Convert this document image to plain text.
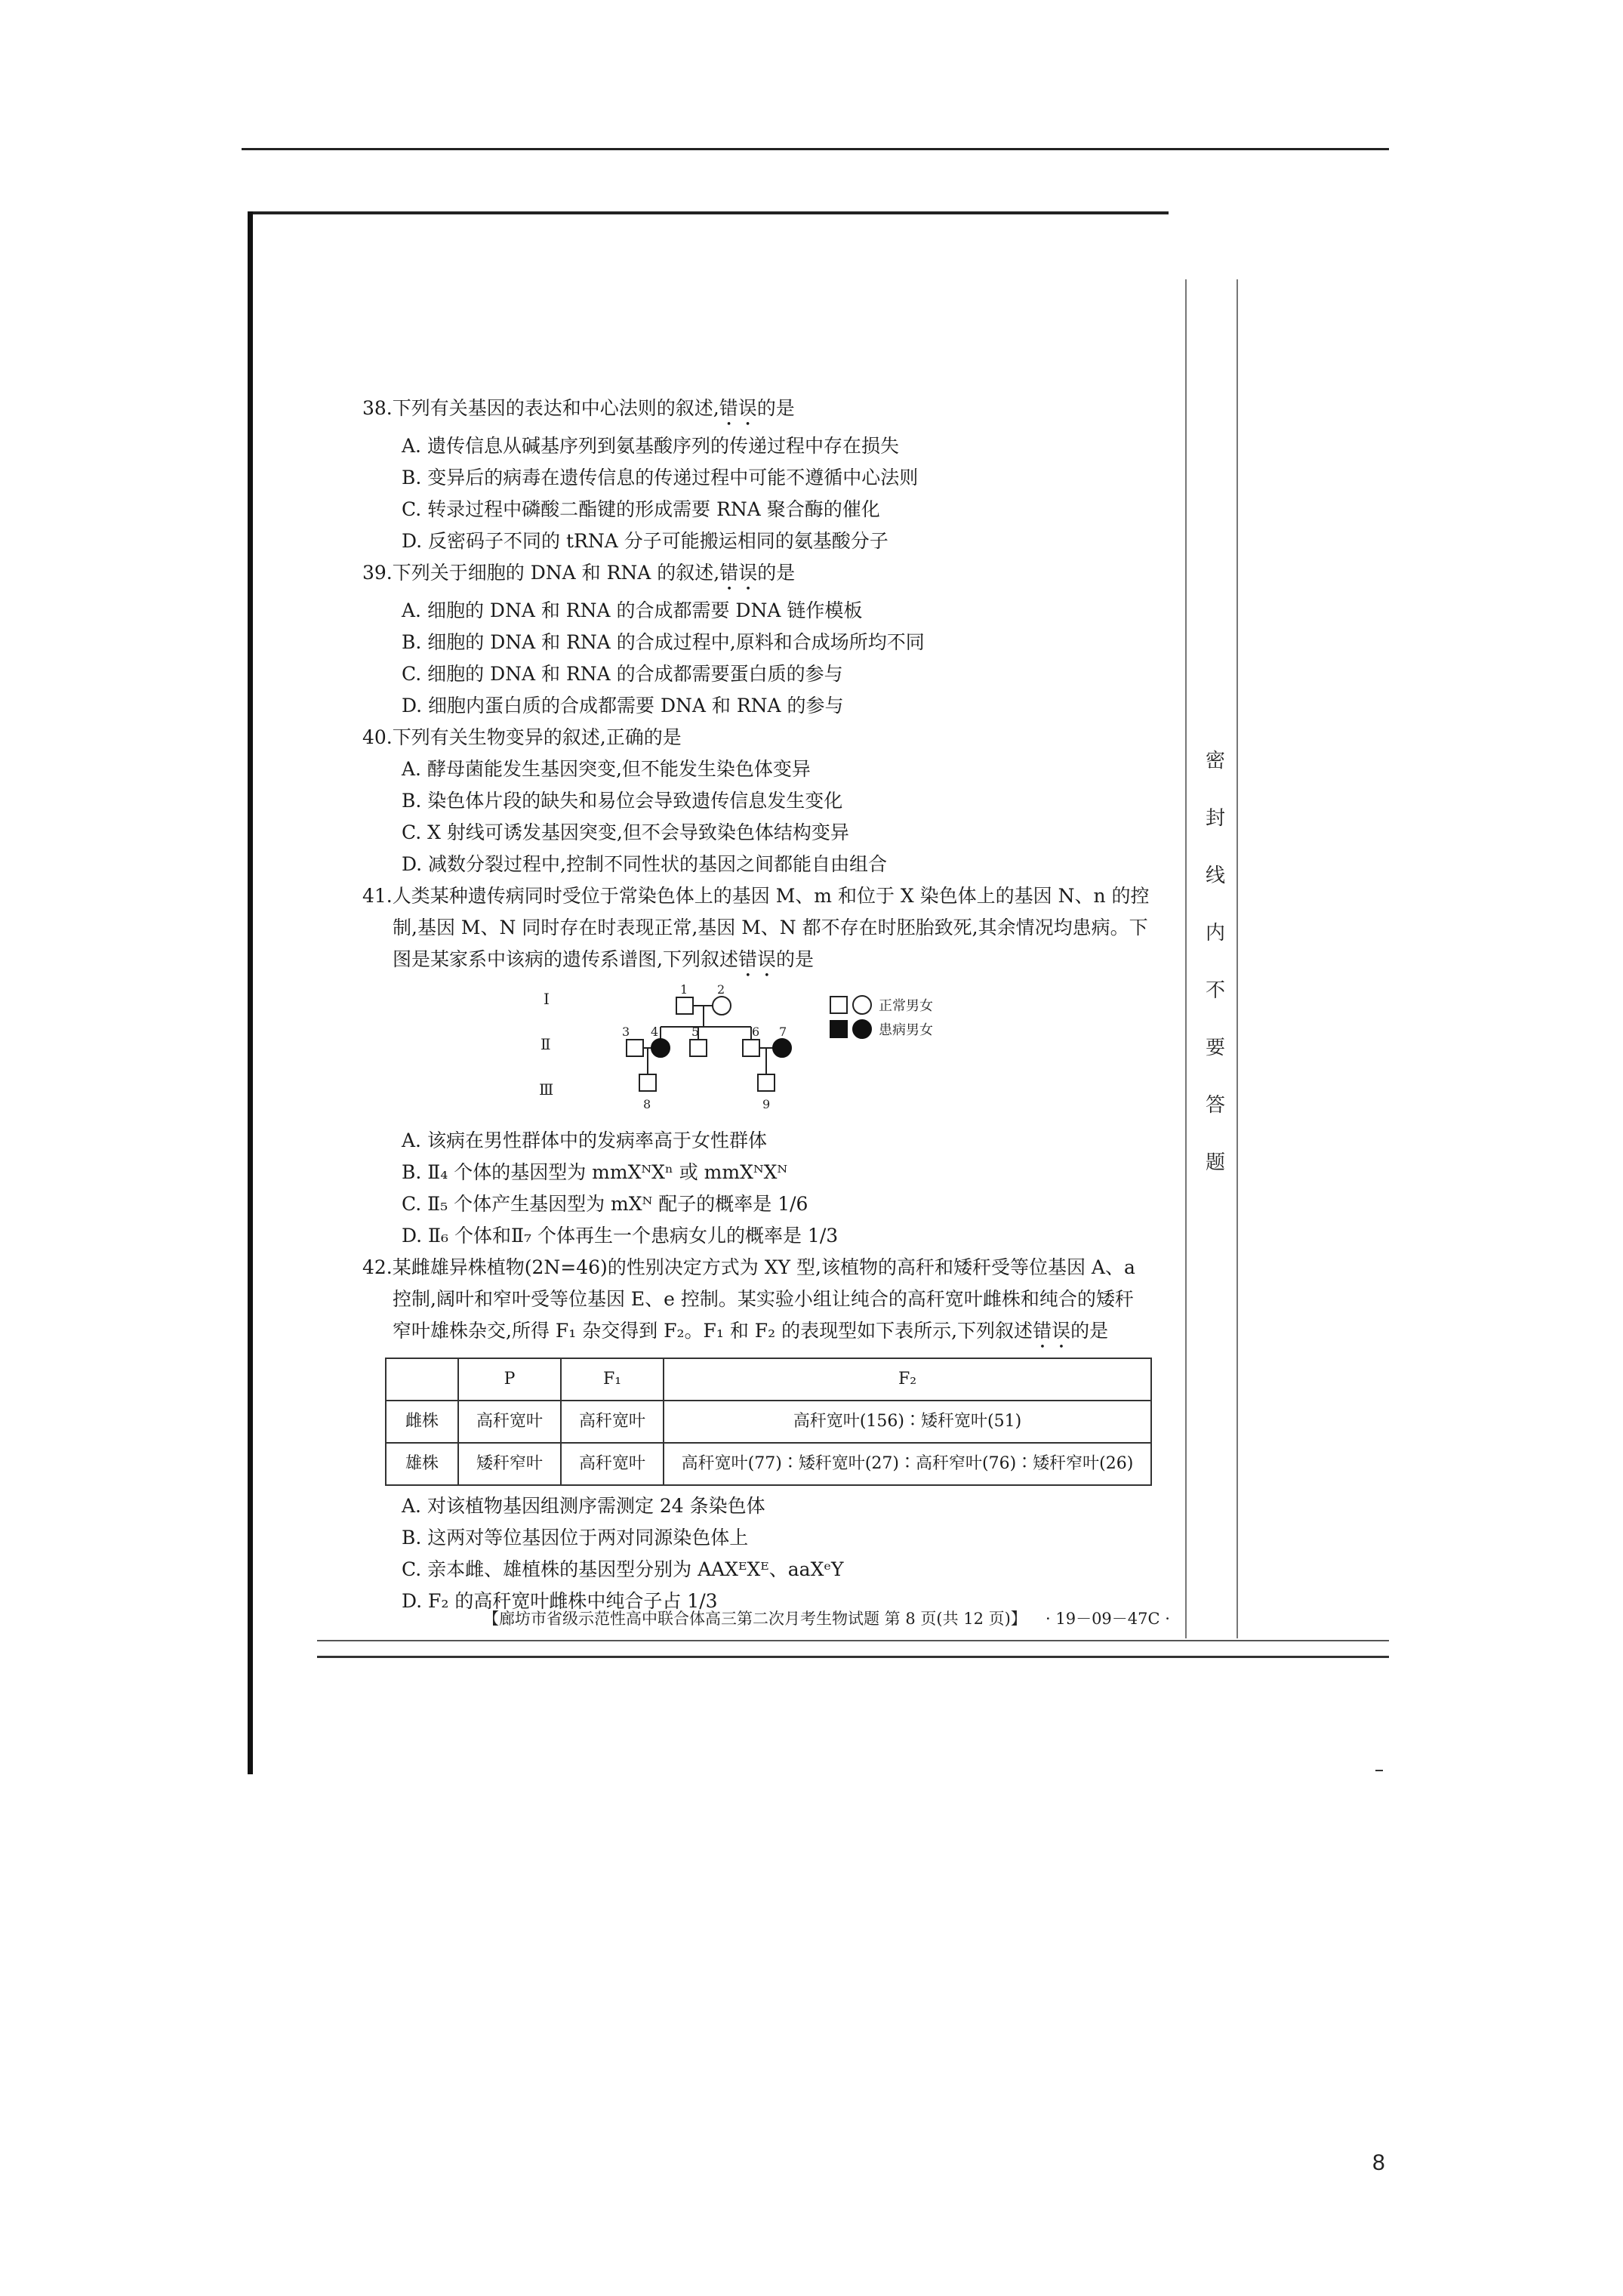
密
封
线
内
不
要
答
题

38.下列有关基因的表达和中心法则的叙述,错误的是

A. 遗传信息从碱基序列到氨基酸序列的传递过程中存在损失

B. 变异后的病毒在遗传信息的传递过程中可能不遵循中心法则

C. 转录过程中磷酸二酯键的形成需要 RNA 聚合酶的催化

D. 反密码子不同的 tRNA 分子可能搬运相同的氨基酸分子

39.下列关于细胞的 DNA 和 RNA 的叙述,错误的是

A. 细胞的 DNA 和 RNA 的合成都需要 DNA 链作模板

B. 细胞的 DNA 和 RNA 的合成过程中,原料和合成场所均不同

C. 细胞的 DNA 和 RNA 的合成都需要蛋白质的参与

D. 细胞内蛋白质的合成都需要 DNA 和 RNA 的参与

40.下列有关生物变异的叙述,正确的是

A. 酵母菌能发生基因突变,但不能发生染色体变异

B. 染色体片段的缺失和易位会导致遗传信息发生变化

C. X 射线可诱发基因突变,但不会导致染色体结构变异

D. 减数分裂过程中,控制不同性状的基因之间都能自由组合

41.人类某种遗传病同时受位于常染色体上的基因 M、m 和位于 X 染色体上的基因 N、n 的控

制,基因 M、N 同时存在时表现正常,基因 M、N 都不存在时胚胎致死,其余情况均患病。下

图是某家系中该病的遗传系谱图,下列叙述错误的是

Ⅰ
Ⅱ
Ⅲ
1 2
3 4	5	6 7
8	9
正常男女
患病男女

A. 该病在男性群体中的发病率高于女性群体

B. Ⅱ₄ 个体的基因型为 mmXᴺXⁿ 或 mmXᴺXᴺ

C. Ⅱ₅ 个体产生基因型为 mXᴺ 配子的概率是 1/6

D. Ⅱ₆ 个体和Ⅱ₇ 个体再生一个患病女儿的概率是 1/3

42.某雌雄异株植物(2N=46)的性别决定方式为 XY 型,该植物的高秆和矮秆受等位基因 A、a

控制,阔叶和窄叶受等位基因 E、e 控制。某实验小组让纯合的高秆宽叶雌株和纯合的矮秆

窄叶雄株杂交,所得 F₁ 杂交得到 F₂。F₁ 和 F₂ 的表现型如下表所示,下列叙述错误的是

	P	F₁	F₂
雌株	高秆宽叶	高秆宽叶	高秆宽叶(156)∶矮秆宽叶(51)
雄株	矮秆窄叶	高秆宽叶	高秆宽叶(77)∶矮秆宽叶(27)∶高秆窄叶(76)∶矮秆窄叶(26)

A. 对该植物基因组测序需测定 24 条染色体

B. 这两对等位基因位于两对同源染色体上

C. 亲本雌、雄植株的基因型分别为 AAXᴱXᴱ、aaXᵉY

D. F₂ 的高秆宽叶雌株中纯合子占 1/3

【廊坊市省级示范性高中联合体高三第二次月考生物试题 第 8 页(共 12 页)】 · 19－09－47C ·
8
